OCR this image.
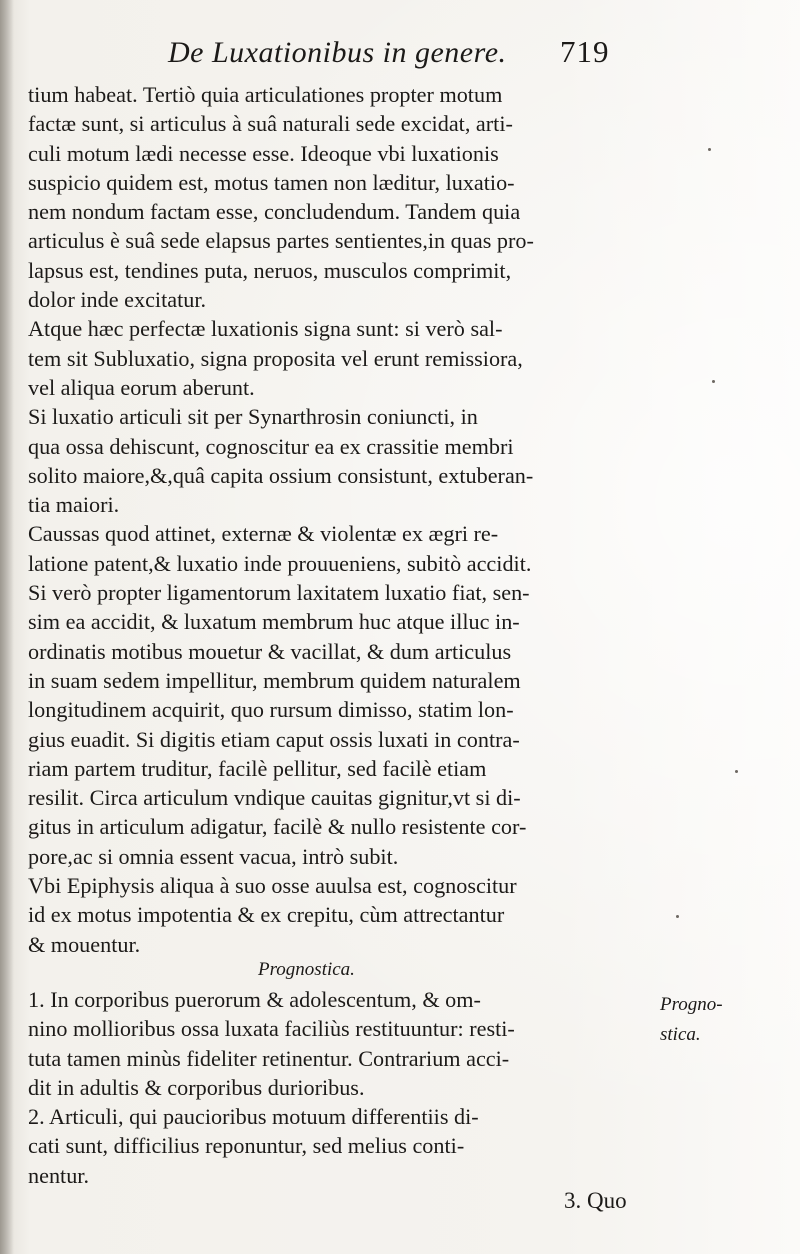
De Luxationibus in genere. 719
tium habeat. Tertiò quia articulationes propter motum
factæ sunt, si articulus à suâ naturali sede excidat, arti-
culi motum lædi necesse esse. Ideoque vbi luxationis
suspicio quidem est, motus tamen non læditur, luxatio-
nem nondum factam esse, concludendum. Tandem quia
articulus è suâ sede elapsus partes sentientes,in quas pro-
lapsus est, tendines puta, neruos, musculos comprimit,
dolor inde excitatur.
Atque hæc perfectæ luxationis signa sunt: si verò sal-
tem sit Subluxatio, signa proposita vel erunt remissiora,
vel aliqua eorum aberunt.
Si luxatio articuli sit per Synarthrosin coniuncti, in
qua ossa dehiscunt, cognoscitur ea ex crassitie membri
solito maiore,&,quâ capita ossium consistunt, extuberan-
tia maiori.
Caussas quod attinet, externæ & violentæ ex ægri re-
latione patent,& luxatio inde prouueniens, subitò accidit.
Si verò propter ligamentorum laxitatem luxatio fiat, sen-
sim ea accidit, & luxatum membrum huc atque illuc in-
ordinatis motibus mouetur & vacillat, & dum articulus
in suam sedem impellitur, membrum quidem naturalem
longitudinem acquirit, quo rursum dimisso, statim lon-
gius euadit. Si digitis etiam caput ossis luxati in contra-
riam partem truditur, facilè pellitur, sed facilè etiam
resilit. Circa articulum vndique cauitas gignitur,vt si di-
gitus in articulum adigatur, facilè & nullo resistente cor-
pore,ac si omnia essent vacua, intrò subit.
Vbi Epiphysis aliqua à suo osse auulsa est, cognoscitur
id ex motus impotentia & ex crepitu, cùm attrectantur
& mouentur.
Prognostica.
1. In corporibus puerorum & adolescentum, & om-
nino mollioribus ossa luxata faciliùs restituuntur: resti-
tuta tamen minùs fideliter retinentur. Contrarium acci-
dit in adultis & corporibus durioribus.
2. Articuli, qui paucioribus motuum differentiis di-
cati sunt, difficilius reponuntur, sed melius conti-
nentur.
Progno-
stica.
3. Quo
